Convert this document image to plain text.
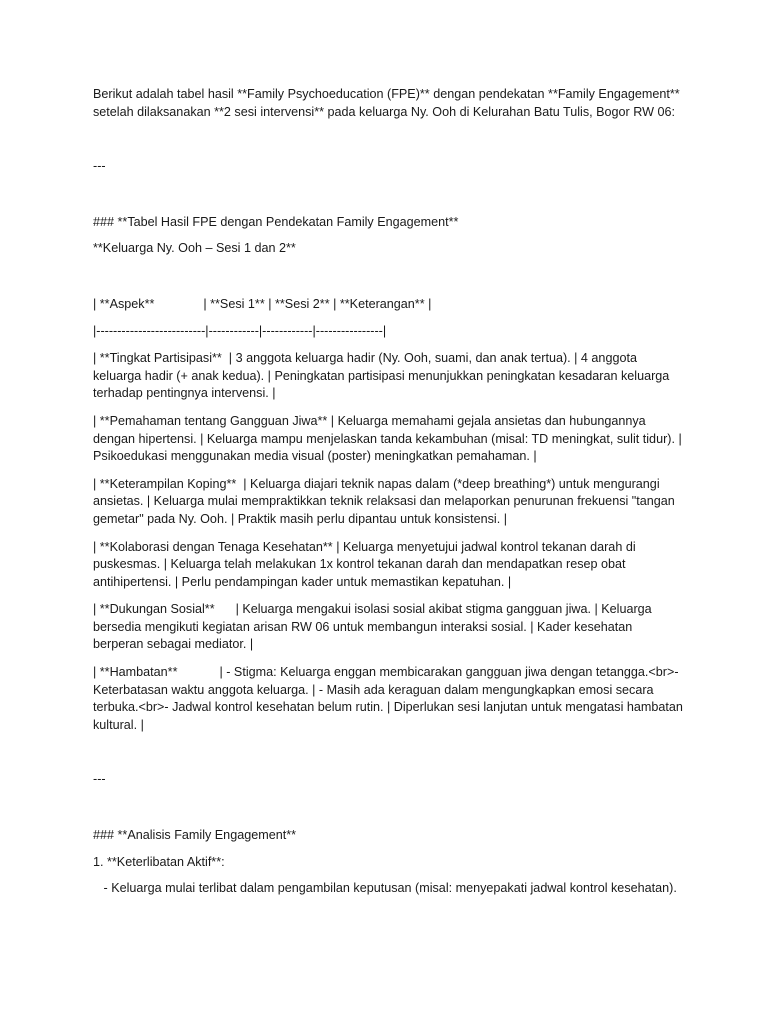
Berikut adalah tabel hasil **Family Psychoeducation (FPE)** dengan pendekatan **Family Engagement** setelah dilaksanakan **2 sesi intervensi** pada keluarga Ny. Ooh di Kelurahan Batu Tulis, Bogor RW 06:

---

### **Tabel Hasil FPE dengan Pendekatan Family Engagement**

**Keluarga Ny. Ooh – Sesi 1 dan 2**

| **Aspek**              | **Sesi 1** | **Sesi 2** | **Keterangan** |

|--------------------------|------------|------------|----------------|

| **Tingkat Partisipasi**  | 3 anggota keluarga hadir (Ny. Ooh, suami, dan anak tertua). | 4 anggota keluarga hadir (+ anak kedua). | Peningkatan partisipasi menunjukkan peningkatan kesadaran keluarga terhadap pentingnya intervensi. |

| **Pemahaman tentang Gangguan Jiwa** | Keluarga memahami gejala ansietas dan hubungannya dengan hipertensi. | Keluarga mampu menjelaskan tanda kekambuhan (misal: TD meningkat, sulit tidur). | Psikoedukasi menggunakan media visual (poster) meningkatkan pemahaman. |

| **Keterampilan Koping**  | Keluarga diajari teknik napas dalam (*deep breathing*) untuk mengurangi ansietas. | Keluarga mulai mempraktikkan teknik relaksasi dan melaporkan penurunan frekuensi "tangan gemetar" pada Ny. Ooh. | Praktik masih perlu dipantau untuk konsistensi. |

| **Kolaborasi dengan Tenaga Kesehatan** | Keluarga menyetujui jadwal kontrol tekanan darah di puskesmas. | Keluarga telah melakukan 1x kontrol tekanan darah dan mendapatkan resep obat antihipertensi. | Perlu pendampingan kader untuk memastikan kepatuhan. |

| **Dukungan Sosial**      | Keluarga mengakui isolasi sosial akibat stigma gangguan jiwa. | Keluarga bersedia mengikuti kegiatan arisan RW 06 untuk membangun interaksi sosial. | Kader kesehatan berperan sebagai mediator. |

| **Hambatan**            | - Stigma: Keluarga enggan membicarakan gangguan jiwa dengan tetangga.<br>- Keterbatasan waktu anggota keluarga. | - Masih ada keraguan dalam mengungkapkan emosi secara terbuka.<br>- Jadwal kontrol kesehatan belum rutin. | Diperlukan sesi lanjutan untuk mengatasi hambatan kultural. |

---

### **Analisis Family Engagement**

1. **Keterlibatan Aktif**:

- Keluarga mulai terlibat dalam pengambilan keputusan (misal: menyepakati jadwal kontrol kesehatan).
